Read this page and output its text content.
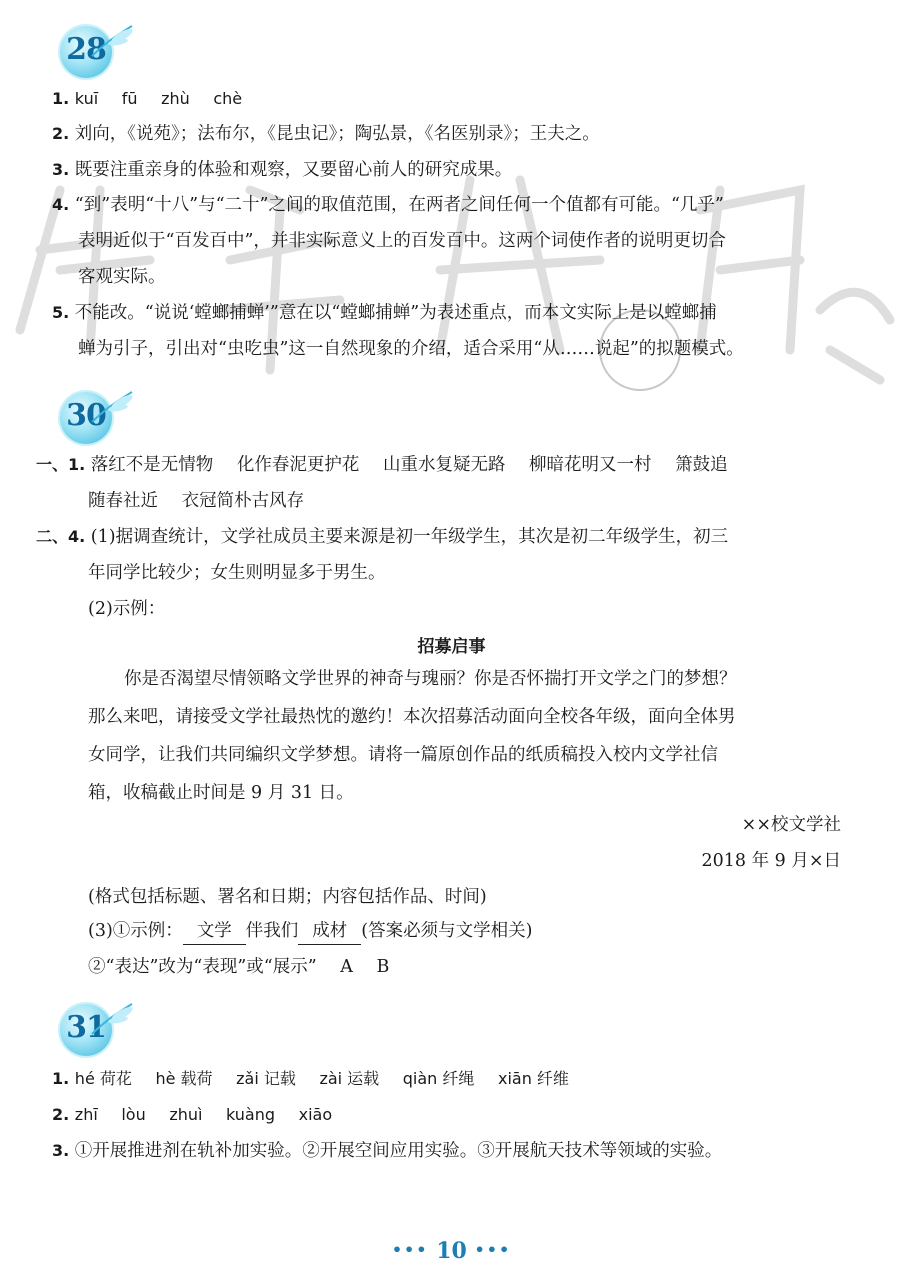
28
1. kuī fū zhù chè
2. 刘向，《说苑》；法布尔，《昆虫记》；陶弘景，《名医别录》；王夫之。
3. 既要注重亲身的体验和观察，又要留心前人的研究成果。
4. “到”表明“十八”与“二十”之间的取值范围，在两者之间任何一个值都有可能。“几乎”
表明近似于“百发百中”，并非实际意义上的百发百中。这两个词使作者的说明更切合
客观实际。
5. 不能改。“说说‘螳螂捕蝉’”意在以“螳螂捕蝉”为表述重点，而本文实际上是以螳螂捕
蝉为引子，引出对“虫吃虫”这一自然现象的介绍，适合采用“从……说起”的拟题模式。
30
一、1. 落红不是无情物 化作春泥更护花 山重水复疑无路 柳暗花明又一村 箫鼓追
随春社近 衣冠简朴古风存
二、4. (1)据调查统计，文学社成员主要来源是初一年级学生，其次是初二年级学生，初三
年同学比较少；女生则明显多于男生。
(2)示例：
招募启事
你是否渴望尽情领略文学世界的神奇与瑰丽？你是否怀揣打开文学之门的梦想？
那么来吧，请接受文学社最热忱的邀约！本次招募活动面向全校各年级，面向全体男
女同学，让我们共同编织文学梦想。请将一篇原创作品的纸质稿投入校内文学社信
箱，收稿截止时间是 9 月 31 日。
××校文学社
2018 年 9 月×日
(格式包括标题、署名和日期；内容包括作品、时间)
(3)①示例： 文学 伴我们 成材 (答案必须与文学相关)
②“表达”改为“表现”或“展示” A B
31
1. hé 荷花 hè 载荷 zǎi 记载 zài 运载 qiàn 纤绳 xiān 纤维
2. zhī lòu zhuì kuàng xiāo
3. ①开展推进剂在轨补加实验。②开展空间应用实验。③开展航天技术等领域的实验。
••• 10 •••
